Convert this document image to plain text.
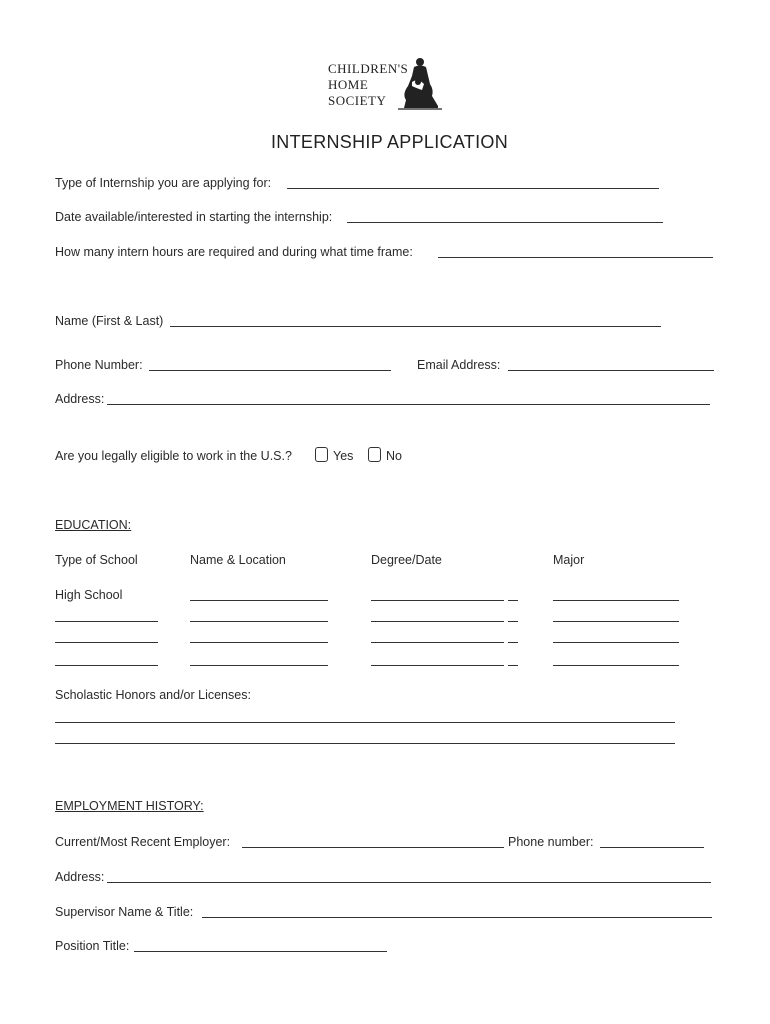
CHILDREN'S
HOME
SOCIETY
INTERNSHIP APPLICATION
Type of Internship you are applying for:
Date available/interested in starting the internship:
How many intern hours are required and during what time frame:
Name (First & Last)
Phone Number:	Email Address:
Address:
Are you legally eligible to work in the U.S.?	Yes	No
EDUCATION:
Type of School	Name & Location	Degree/Date	Major
High School
Scholastic Honors and/or Licenses:
EMPLOYMENT HISTORY:
Current/Most Recent Employer:	Phone number:
Address:
Supervisor Name & Title:
Position Title:
